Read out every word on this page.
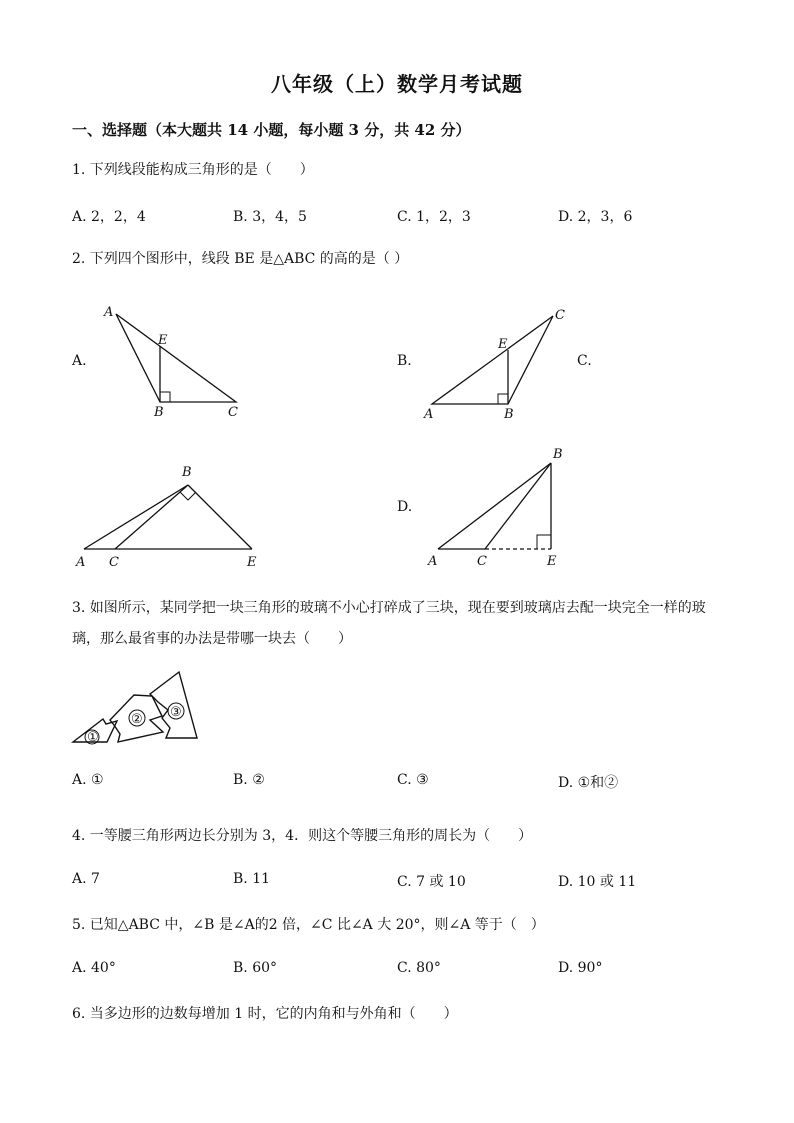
八年级（上）数学月考试题
一、选择题（本大题共 14 小题，每小题 3 分，共 42 分）
1. 下列线段能构成三角形的是（　　）
A. 2，2，4	B. 3，4，5	C. 1，2，3	D. 2，3，6
2. 下列四个图形中，线段 BE 是△ABC 的高的是（ ）
A.
A
E
B	C
B.
A	B
C
E
C.
B
A C	E
D.
B
A	C	E
3. 如图所示，某同学把一块三角形的玻璃不小心打碎成了三块，现在要到玻璃店去配一块完全一样的玻
璃，那么最省事的办法是带哪一块去（　　）
①
② ③
A. ①	B. ②	C. ③	D. ①和②
4. 一等腰三角形两边长分别为 3，4．则这个等腰三角形的周长为（　　）
A. 7	B. 11	C. 7 或 10	D. 10 或 11
5. 已知△ABC 中，∠B 是∠A的2 倍，∠C 比∠A 大 20°，则∠A 等于（　）
A. 40°	B. 60°	C. 80°	D. 90°
6. 当多边形的边数每增加 1 时，它的内角和与外角和（　　）
